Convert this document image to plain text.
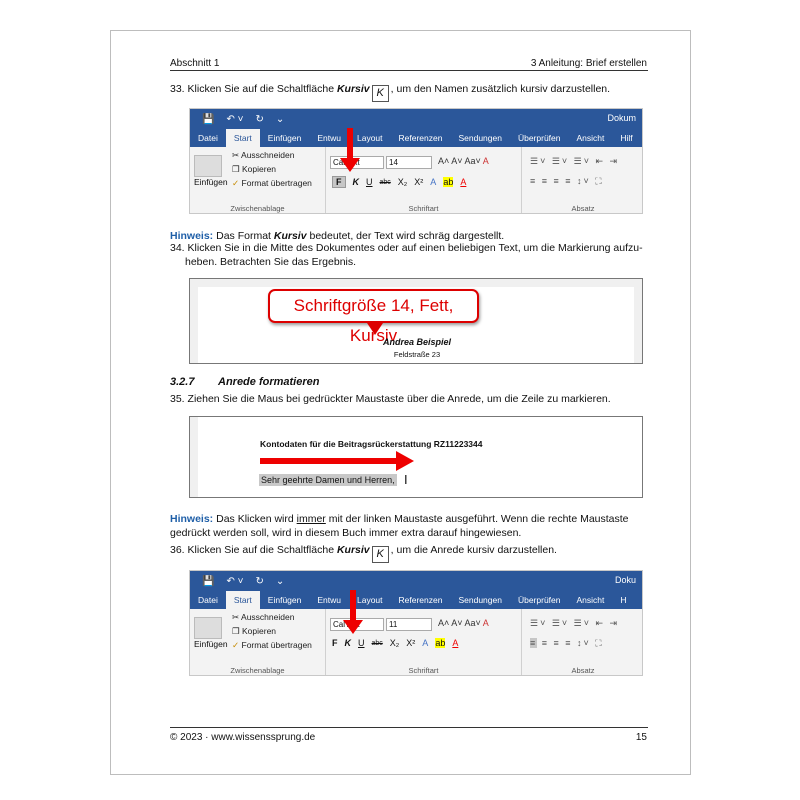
Abschnitt 1	3 Anleitung: Brief erstellen
33. Klicken Sie auf die Schaltfläche Kursiv K , um den Namen zusätzlich kursiv darzustellen.
💾 ↶ ˅ ↻ ⌄	Dokum
Datei	Start	Einfügen	Entwu	Layout	Referenzen	Sendungen	Überprüfen	Ansicht	Hilf
Einfügen
✂ Ausschneiden
❐ Kopieren
✓ Format übertragen
Zwischenablage
Cal	14	A˄ A˅ Aa˅ A
F	K U abc X₂ X² A ab A
Schriftart
☰˅ ☰˅ ☰˅ ⇤ ⇥
≡ ≡ ≡ ≡ ↕˅ ⛶
Absatz
Hinweis: Das Format Kursiv bedeutet, der Text wird schräg dargestellt.
34. Klicken Sie in die Mitte des Dokumentes oder auf einen beliebigen Text, um die Markierung aufzu-
heben. Betrachten Sie das Ergebnis.
Schriftgröße 14, Fett, Kursiv
Andrea Beispiel
Feldstraße 23
3.2.7 Anrede formatieren
35. Ziehen Sie die Maus bei gedrückter Maustaste über die Anrede, um die Zeile zu markieren.
Kontodaten für die Beitragsrückerstattung RZ11223344
Sehr geehrte Damen und Herren, I
Hinweis: Das Klicken wird immer mit der linken Maustaste ausgeführt. Wenn die rechte Maustaste
gedrückt werden soll, wird in diesem Buch immer extra darauf hingewiesen.
36. Klicken Sie auf die Schaltfläche Kursiv K , um die Anrede kursiv darzustellen.
💾 ↶ ˅ ↻ ⌄	Doku
Datei	Start	Einfügen	Entwu	Layout	Referenzen	Sendungen	Überprüfen	Ansicht	H
Einfügen
✂ Ausschneiden
❐ Kopieren
✓ Format übertragen
Zwischenablage
Cal	11	A˄ A˅ Aa˅ A
F K U abc X₂ X² A ab A
Schriftart
☰˅ ☰˅ ☰˅ ⇤ ⇥
≡ ≡ ≡ ≡ ↕˅ ⛶
Absatz
© 2023 · www.wissenssprung.de	15
